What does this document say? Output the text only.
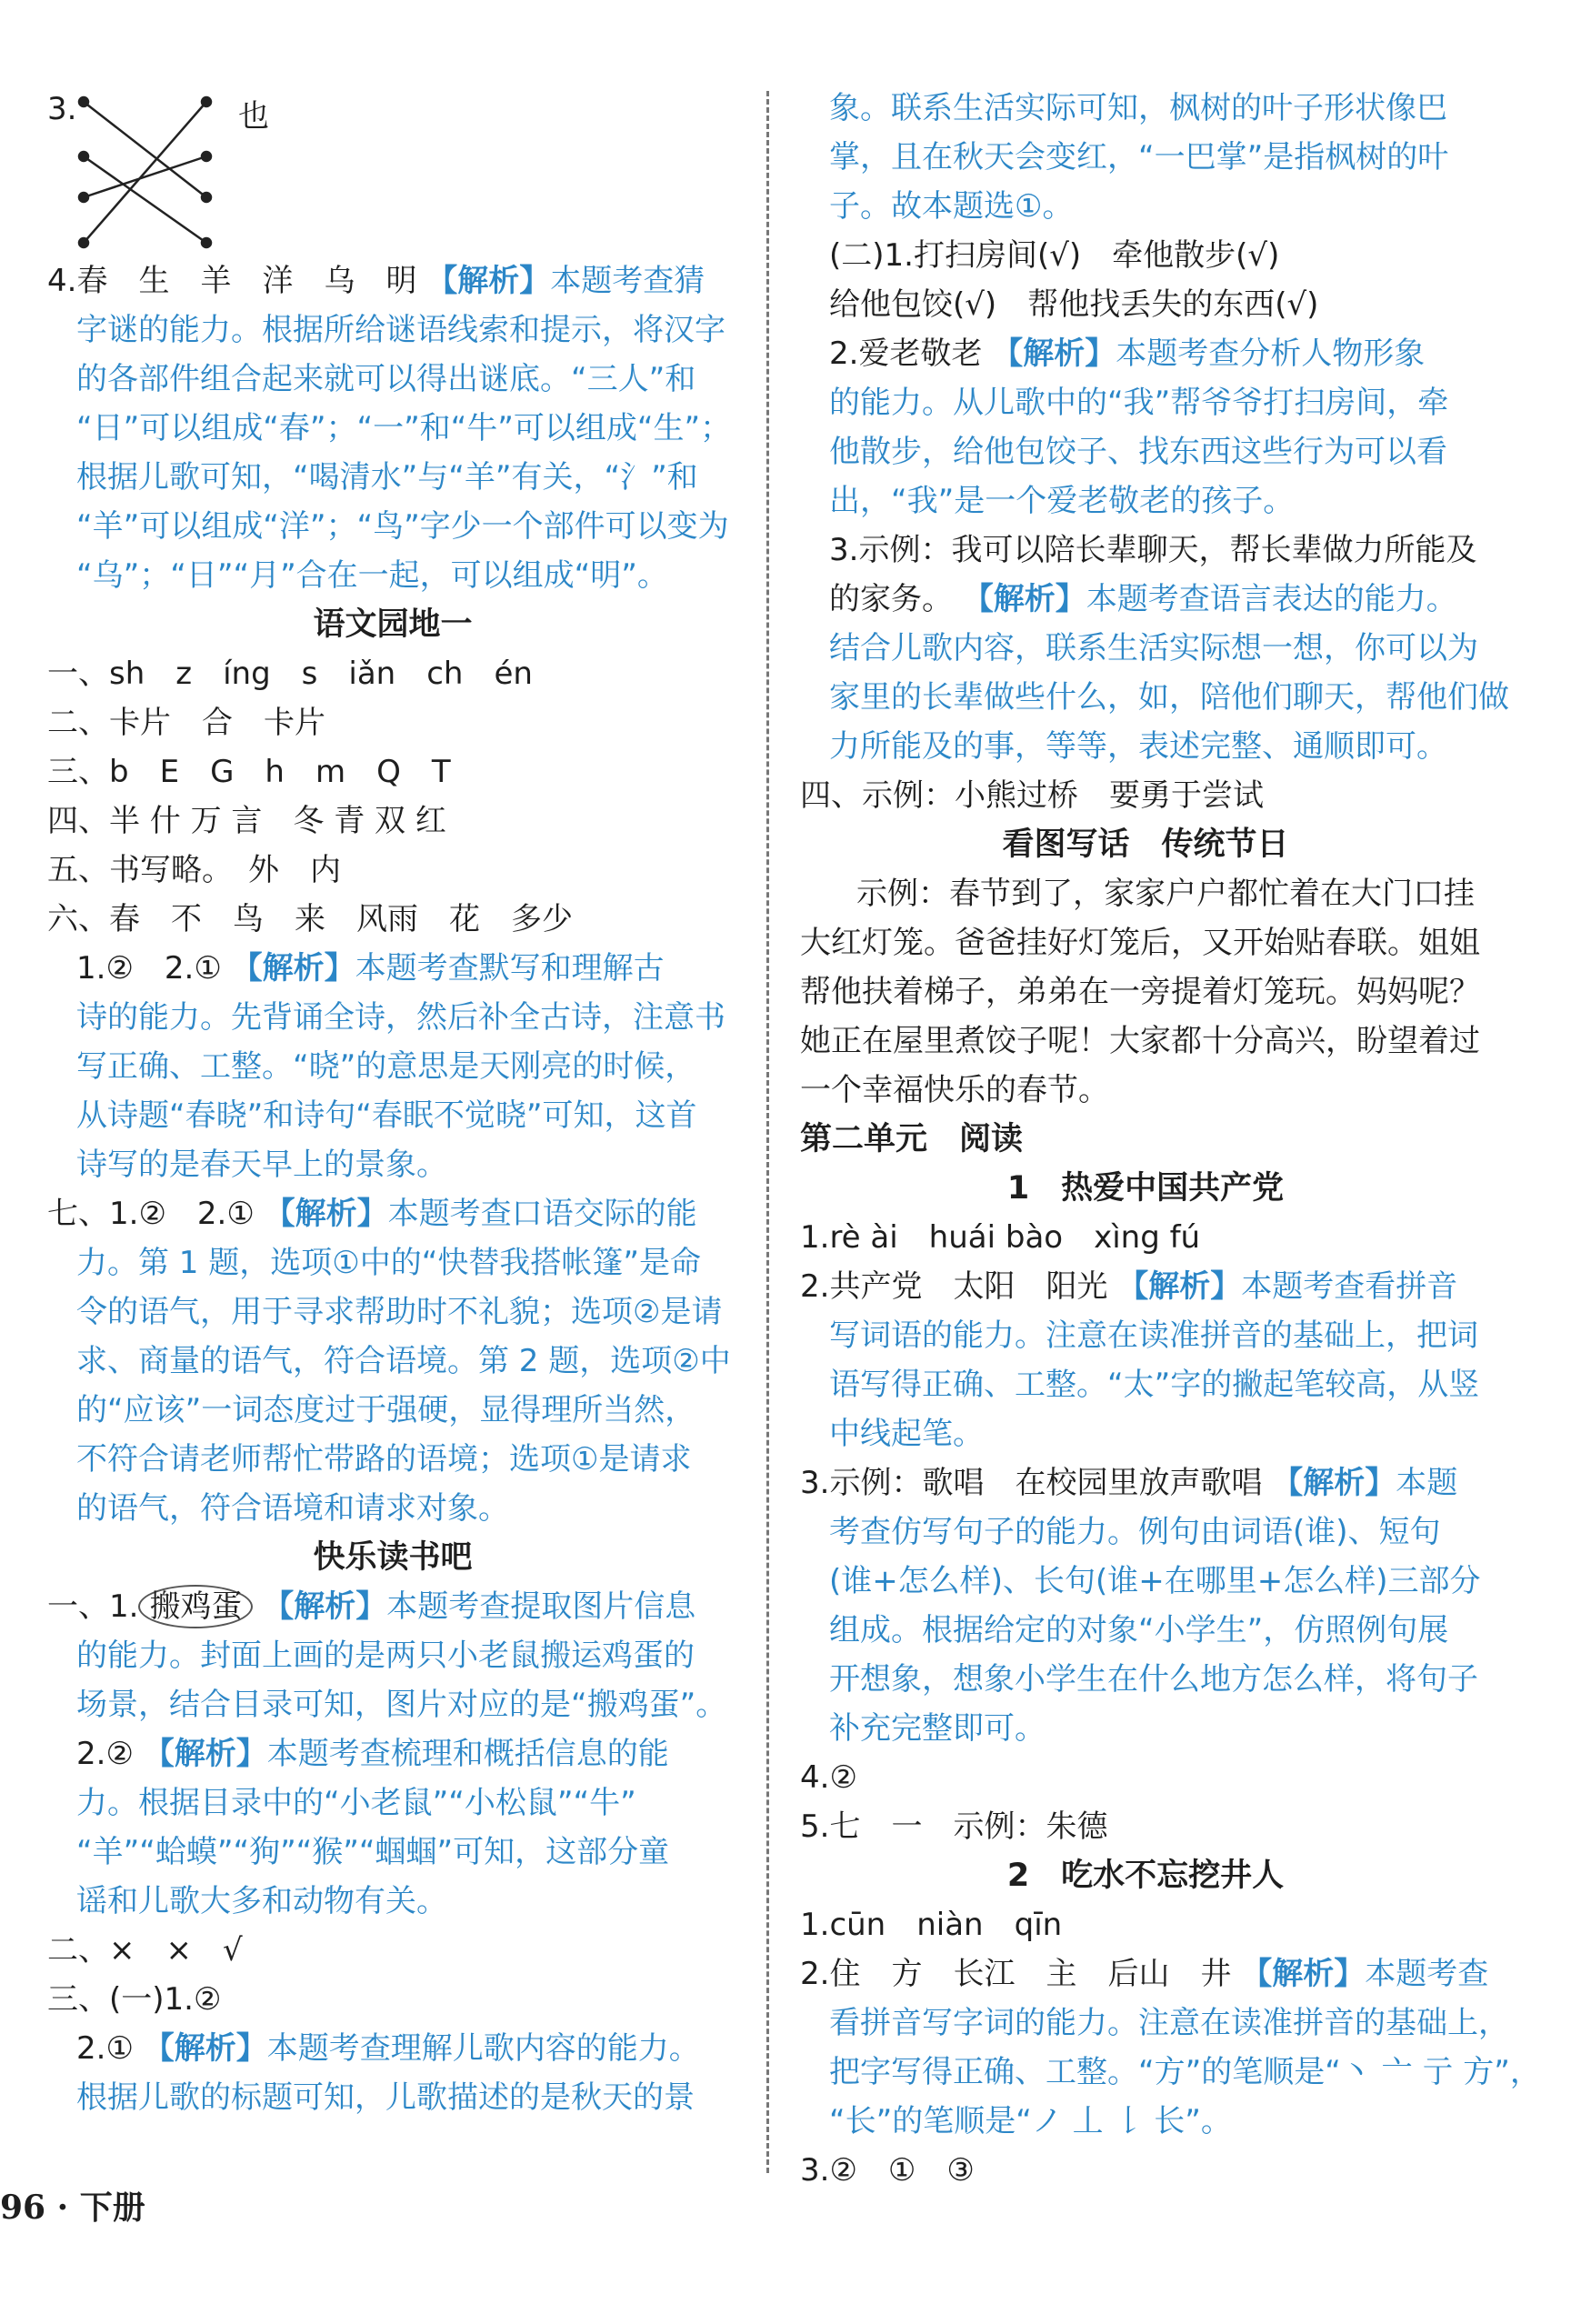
3.	也
4.春　生　羊　洋　乌　明 【解析】本题考查猜
字谜的能力。根据所给谜语线索和提示，将汉字
的各部件组合起来就可以得出谜底。“三人”和
“日”可以组成“春”；“一”和“牛”可以组成“生”；
根据儿歌可知，“喝清水”与“羊”有关，“氵”和
“羊”可以组成“洋”；“鸟”字少一个部件可以变为
“乌”；“日”“月”合在一起，可以组成“明”。
语文园地一
一、sh　z　íng　s　iǎn　ch　én
二、卡片　合　卡片
三、b　E　G　h　m　Q　T
四、半 什 万 言　冬 青 双 红
五、书写略。　外　内
六、春　不　鸟　来　风雨　花　多少
1.②　2.① 【解析】本题考查默写和理解古
诗的能力。先背诵全诗，然后补全古诗，注意书
写正确、工整。“晓”的意思是天刚亮的时候，
从诗题“春晓”和诗句“春眠不觉晓”可知，这首
诗写的是春天早上的景象。
七、1.②　2.① 【解析】本题考查口语交际的能
力。第 1 题，选项①中的“快替我搭帐篷”是命
令的语气，用于寻求帮助时不礼貌；选项②是请
求、商量的语气，符合语境。第 2 题，选项②中
的“应该”一词态度过于强硬，显得理所当然，
不符合请老师帮忙带路的语境；选项①是请求
的语气，符合语境和请求对象。
快乐读书吧
一、1. 搬鸡蛋 【解析】本题考查提取图片信息
的能力。封面上画的是两只小老鼠搬运鸡蛋的
场景，结合目录可知，图片对应的是“搬鸡蛋”。
2.② 【解析】本题考查梳理和概括信息的能
力。根据目录中的“小老鼠”“小松鼠”“牛”
“羊”“蛤蟆”“狗”“猴”“蝈蝈”可知，这部分童
谣和儿歌大多和动物有关。
二、×　×　√
三、(一)1.②
2.① 【解析】本题考查理解儿歌内容的能力。
根据儿歌的标题可知，儿歌描述的是秋天的景
象。联系生活实际可知，枫树的叶子形状像巴
掌，且在秋天会变红，“一巴掌”是指枫树的叶
子。故本题选①。
(二)1.打扫房间(√)　牵他散步(√)
给他包饺(√)　帮他找丢失的东西(√)
2.爱老敬老 【解析】本题考查分析人物形象
的能力。从儿歌中的“我”帮爷爷打扫房间，牵
他散步，给他包饺子、找东西这些行为可以看
出，“我”是一个爱老敬老的孩子。
3.示例：我可以陪长辈聊天，帮长辈做力所能及
的家务。 【解析】本题考查语言表达的能力。
结合儿歌内容，联系生活实际想一想，你可以为
家里的长辈做些什么，如，陪他们聊天，帮他们做
力所能及的事，等等，表述完整、通顺即可。
四、示例：小熊过桥　要勇于尝试
看图写话　传统节日
示例：春节到了，家家户户都忙着在大门口挂
大红灯笼。爸爸挂好灯笼后，又开始贴春联。姐姐
帮他扶着梯子，弟弟在一旁提着灯笼玩。妈妈呢？
她正在屋里煮饺子呢！大家都十分高兴，盼望着过
一个幸福快乐的春节。
第二单元　阅读
1　热爱中国共产党
1.rè ài　huái bào　xìng fú
2.共产党　太阳　阳光 【解析】本题考查看拼音
写词语的能力。注意在读准拼音的基础上，把词
语写得正确、工整。“太”字的撇起笔较高，从竖
中线起笔。
3.示例：歌唱　在校园里放声歌唱 【解析】本题
考查仿写句子的能力。例句由词语(谁)、短句
(谁+怎么样)、长句(谁+在哪里+怎么样)三部分
组成。根据给定的对象“小学生”，仿照例句展
开想象，想象小学生在什么地方怎么样，将句子
补充完整即可。
4.②
5.七　一　示例：朱德
2　吃水不忘挖井人
1.cūn　niàn　qīn
2.住　方　长江　主　后山　井 【解析】本题考查
看拼音写字词的能力。注意在读准拼音的基础上，
把字写得正确、工整。“方”的笔顺是“丶 亠 亍 方”，
“长”的笔顺是“ノ 丄 𠄌 长”。
3.②　①　③
96 · 下册
